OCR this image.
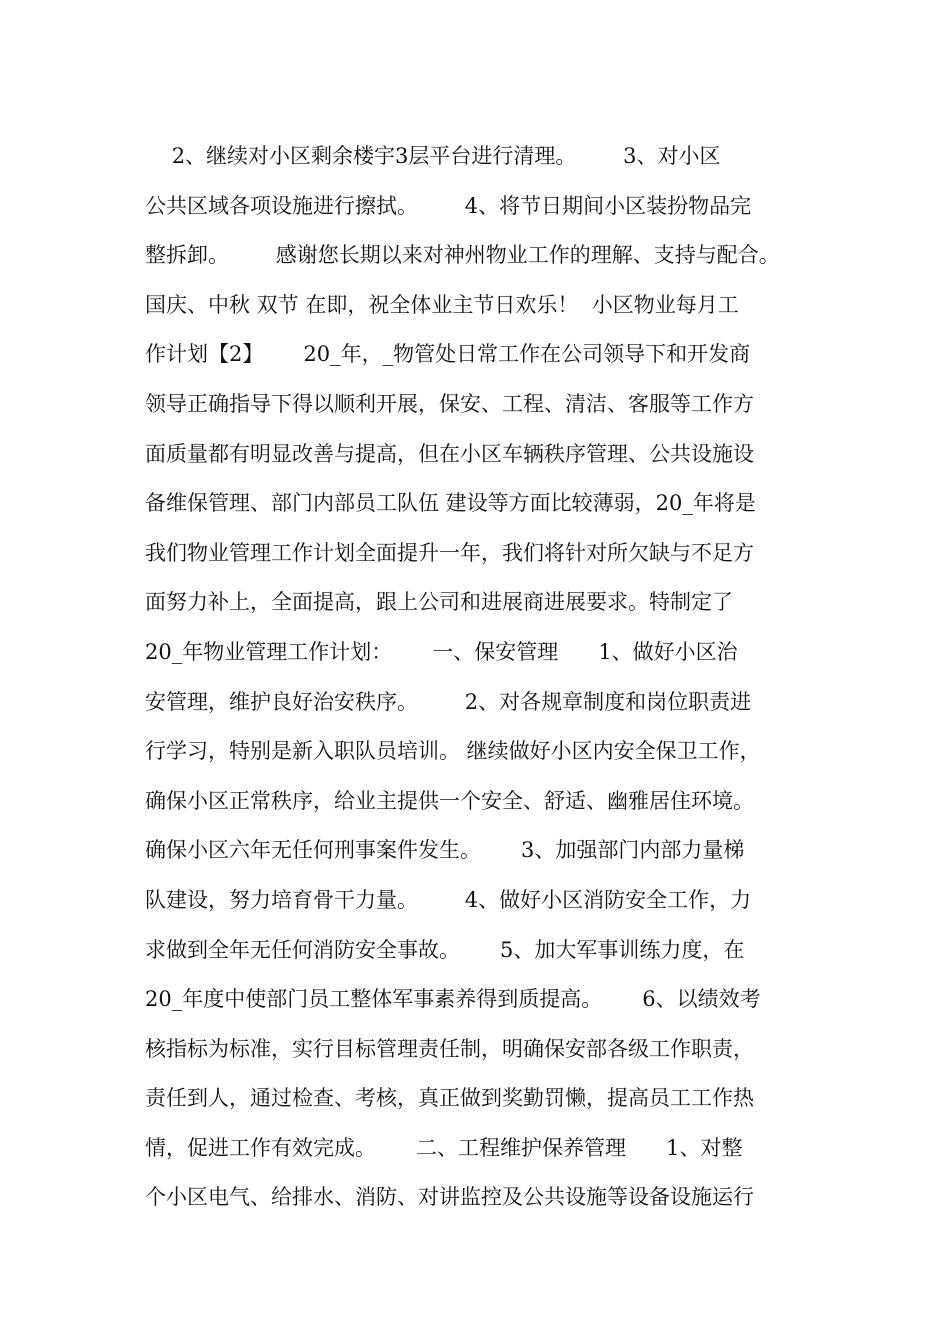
2、继续对小区剩余楼宇3层平台进行清理。       3、对小区
公共区域各项设施进行擦拭。       4、将节日期间小区装扮物品完
整拆卸。       感谢您长期以来对神州物业工作的理解、支持与配合。
国庆、中秋 双节 在即，祝全体业主节日欢乐！  小区物业每月工
作计划【2】      20_年，_物管处日常工作在公司领导下和开发商
领导正确指导下得以顺利开展，保安、工程、清洁、客服等工作方
面质量都有明显改善与提高，但在小区车辆秩序管理、公共设施设
备维保管理、部门内部员工队伍 建设等方面比较薄弱，20_年将是
我们物业管理工作计划全面提升一年，我们将针对所欠缺与不足方
面努力补上，全面提高，跟上公司和进展商进展要求。特制定了
20_年物业管理工作计划：      一、保安管理      1、做好小区治
安管理，维护良好治安秩序。       2、对各规章制度和岗位职责进
行学习，特别是新入职队员培训。 继续做好小区内安全保卫工作，
确保小区正常秩序，给业主提供一个安全、舒适、幽雅居住环境。
确保小区六年无任何刑事案件发生。      3、加强部门内部力量梯
队建设，努力培育骨干力量。       4、做好小区消防安全工作，力
求做到全年无任何消防安全事故。      5、加大军事训练力度，在
20_年度中使部门员工整体军事素养得到质提高。      6、以绩效考
核指标为标准，实行目标管理责任制，明确保安部各级工作职责，
责任到人，通过检查、考核，真正做到奖勤罚懒，提高员工工作热
情，促进工作有效完成。      二、工程维护保养管理      1、对整
个小区电气、给排水、消防、对讲监控及公共设施等设备设施运行
